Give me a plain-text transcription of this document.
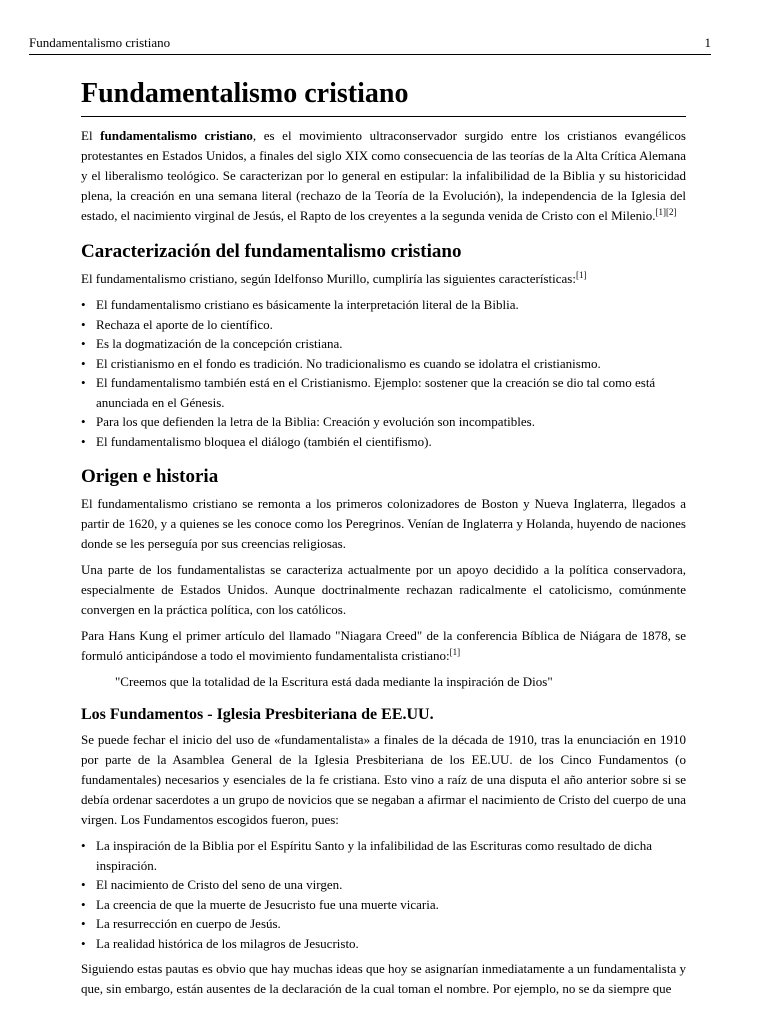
Fundamentalismo cristiano	1
Fundamentalismo cristiano

El fundamentalismo cristiano, es el movimiento ultraconservador surgido entre los cristianos evangélicos protestantes en Estados Unidos, a finales del siglo XIX como consecuencia de las teorías de la Alta Crítica Alemana y el liberalismo teológico. Se caracterizan por lo general en estipular: la infalibilidad de la Biblia y su historicidad plena, la creación en una semana literal (rechazo de la Teoría de la Evolución), la independencia de la Iglesia del estado, el nacimiento virginal de Jesús, el Rapto de los creyentes a la segunda venida de Cristo con el Milenio.[1][2]

Caracterización del fundamentalismo cristiano

El fundamentalismo cristiano, según Idelfonso Murillo, cumpliría las siguientes características:[1]

• El fundamentalismo cristiano es básicamente la interpretación literal de la Biblia.
• Rechaza el aporte de lo científico.
• Es la dogmatización de la concepción cristiana.
• El cristianismo en el fondo es tradición. No tradicionalismo es cuando se idolatra el cristianismo.
• El fundamentalismo también está en el Cristianismo. Ejemplo: sostener que la creación se dio tal como está anunciada en el Génesis.
• Para los que defienden la letra de la Biblia: Creación y evolución son incompatibles.
• El fundamentalismo bloquea el diálogo (también el cientifismo).
Origen e historia

El fundamentalismo cristiano se remonta a los primeros colonizadores de Boston y Nueva Inglaterra, llegados a partir de 1620, y a quienes se les conoce como los Peregrinos. Venían de Inglaterra y Holanda, huyendo de naciones donde se les perseguía por sus creencias religiosas.

Una parte de los fundamentalistas se caracteriza actualmente por un apoyo decidido a la política conservadora, especialmente de Estados Unidos. Aunque doctrinalmente rechazan radicalmente el catolicismo, comúnmente convergen en la práctica política, con los católicos.

Para Hans Kung el primer artículo del llamado "Niagara Creed" de la conferencia Bíblica de Niágara de 1878, se formuló anticipándose a todo el movimiento fundamentalista cristiano:[1]

"Creemos que la totalidad de la Escritura está dada mediante la inspiración de Dios"
Los Fundamentos - Iglesia Presbiteriana de EE.UU.

Se puede fechar el inicio del uso de «fundamentalista» a finales de la década de 1910, tras la enunciación en 1910 por parte de la Asamblea General de la Iglesia Presbiteriana de los EE.UU. de los Cinco Fundamentos (o fundamentales) necesarios y esenciales de la fe cristiana. Esto vino a raíz de una disputa el año anterior sobre si se debía ordenar sacerdotes a un grupo de novicios que se negaban a afirmar el nacimiento de Cristo del cuerpo de una virgen. Los Fundamentos escogidos fueron, pues:

• La inspiración de la Biblia por el Espíritu Santo y la infalibilidad de las Escrituras como resultado de dicha inspiración.
• El nacimiento de Cristo del seno de una virgen.
• La creencia de que la muerte de Jesucristo fue una muerte vicaria.
• La resurrección en cuerpo de Jesús.
• La realidad histórica de los milagros de Jesucristo.

Siguiendo estas pautas es obvio que hay muchas ideas que hoy se asignarían inmediatamente a un fundamentalista y que, sin embargo, están ausentes de la declaración de la cual toman el nombre. Por ejemplo, no se da siempre que
